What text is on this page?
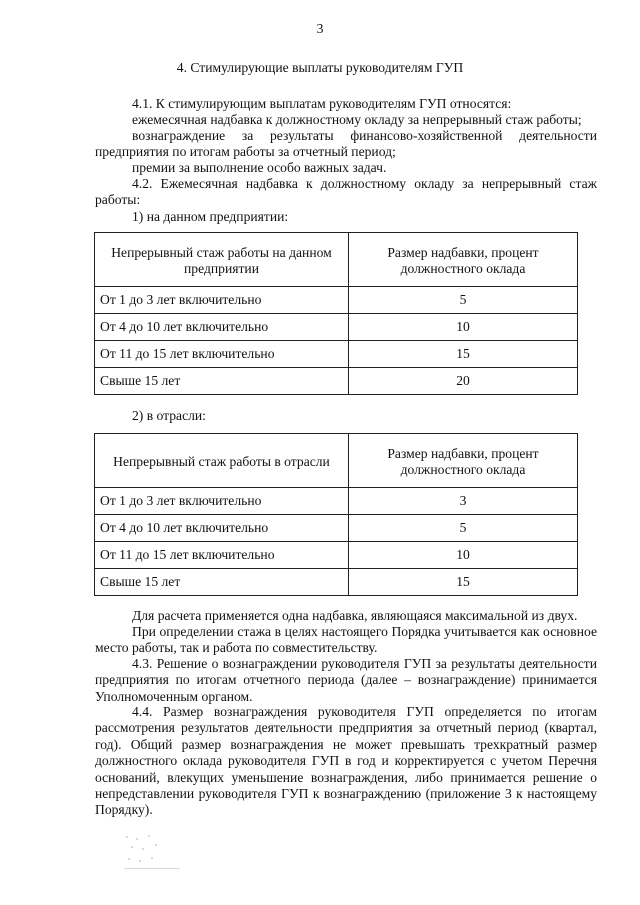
3
4. Стимулирующие выплаты руководителям ГУП
4.1. К стимулирующим выплатам руководителям ГУП относятся:
ежемесячная надбавка к должностному окладу за непрерывный стаж работы;
вознаграждение за результаты финансово-хозяйственной деятельности
предприятия по итогам работы за отчетный период;
премии за выполнение особо важных задач.
4.2. Ежемесячная надбавка к должностному окладу за непрерывный стаж работы:
1) на данном предприятии:
Непрерывный стаж работы на данном предприятии	Размер надбавки, процент должностного оклада
От 1 до 3 лет включительно	5
От 4 до 10 лет включительно	10
От 11 до 15 лет включительно	15
Свыше 15 лет	20
2) в отрасли:
Непрерывный стаж работы в отрасли	Размер надбавки, процент должностного оклада
От 1 до 3 лет включительно	3
От 4 до 10 лет включительно	5
От 11 до 15 лет включительно	10
Свыше 15 лет	15
Для расчета применяется одна надбавка, являющаяся максимальной из двух.
При определении стажа в целях настоящего Порядка учитывается как основное место работы, так и работа по совместительству.
4.3. Решение о вознаграждении руководителя ГУП за результаты деятельности предприятия по итогам отчетного периода (далее – вознаграждение) принимается Уполномоченным органом.
4.4. Размер вознаграждения руководителя ГУП определяется по итогам рассмотрения результатов деятельности предприятия за отчетный период (квартал, год). Общий размер вознаграждения не может превышать трехкратный размер должностного оклада руководителя ГУП в год и корректируется с учетом Перечня оснований, влекущих уменьшение вознаграждения, либо принимается решение о непредставлении руководителя ГУП к вознаграждению (приложение 3 к настоящему Порядку).
